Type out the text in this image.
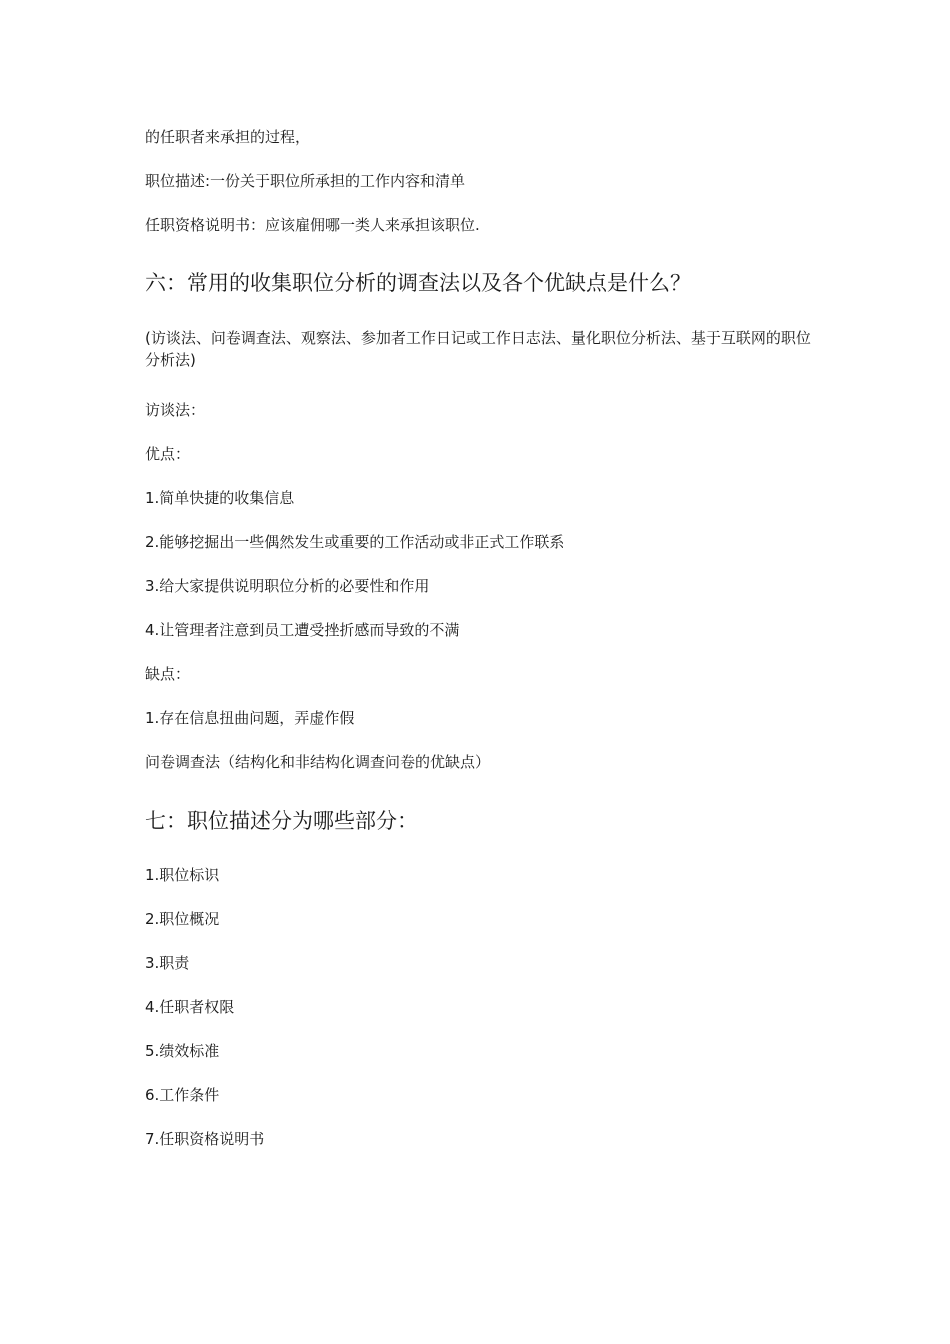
的任职者来承担的过程，
职位描述:一份关于职位所承担的工作内容和清单
任职资格说明书：应该雇佣哪一类人来承担该职位.
六：常用的收集职位分析的调查法以及各个优缺点是什么？
(访谈法、问卷调查法、观察法、参加者工作日记或工作日志法、量化职位分析法、基于互联网的职位分析法)
访谈法：
优点：
1.简单快捷的收集信息
2.能够挖掘出一些偶然发生或重要的工作活动或非正式工作联系
3.给大家提供说明职位分析的必要性和作用
4.让管理者注意到员工遭受挫折感而导致的不满
缺点：
1.存在信息扭曲问题，弄虚作假
问卷调查法（结构化和非结构化调查问卷的优缺点）
七：职位描述分为哪些部分：
1.职位标识
2.职位概况
3.职责
4.任职者权限
5.绩效标准
6.工作条件
7.任职资格说明书
